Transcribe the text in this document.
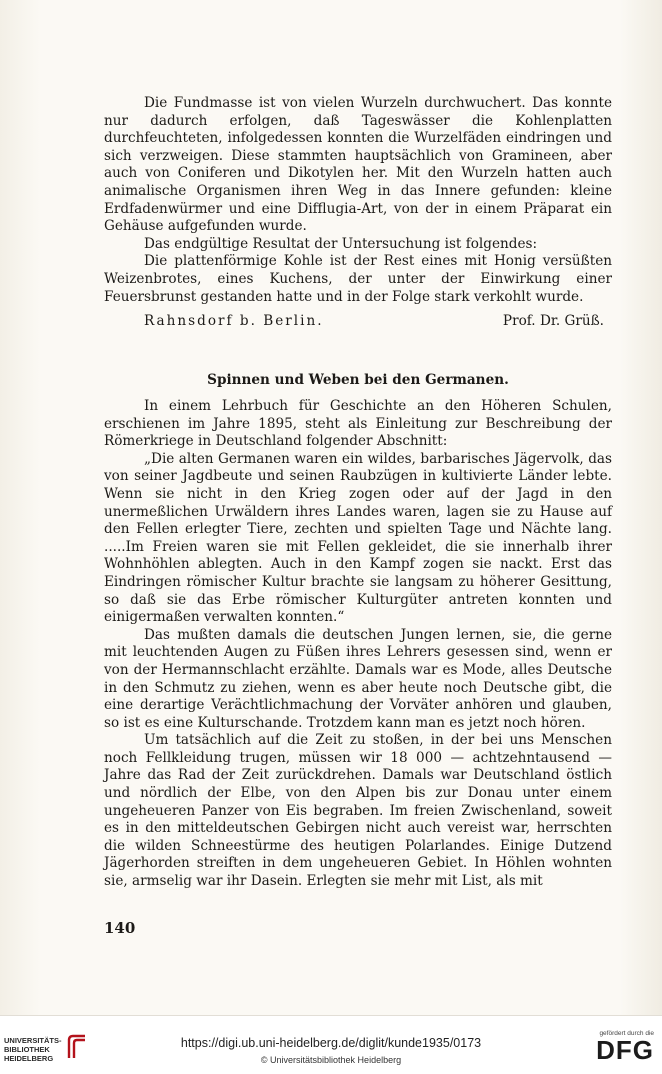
Die Fundmasse ist von vielen Wurzeln durchwuchert. Das konnte nur dadurch erfolgen, daß Tageswässer die Kohlenplatten durchfeuchteten, infolgedessen konnten die Wurzelfäden eindringen und sich verzweigen. Diese stammten hauptsächlich von Gramineen, aber auch von Coniferen und Dikotylen her. Mit den Wurzeln hatten auch animalische Organismen ihren Weg in das Innere gefunden: kleine Erdfadenwürmer und eine Difflugia-Art, von der in einem Präparat ein Gehäuse aufgefunden wurde.

Das endgültige Resultat der Untersuchung ist folgendes:

Die plattenförmige Kohle ist der Rest eines mit Honig versüßten Weizenbrotes, eines Kuchens, der unter der Einwirkung einer Feuersbrunst gestanden hatte und in der Folge stark verkohlt wurde.

Rahnsdorf b. Berlin.	Prof. Dr. Grüß.
Spinnen und Weben bei den Germanen.

In einem Lehrbuch für Geschichte an den Höheren Schulen, erschienen im Jahre 1895, steht als Einleitung zur Beschreibung der Römerkriege in Deutschland folgender Abschnitt:

„Die alten Germanen waren ein wildes, barbarisches Jägervolk, das von seiner Jagdbeute und seinen Raubzügen in kultivierte Länder lebte. Wenn sie nicht in den Krieg zogen oder auf der Jagd in den unermeßlichen Urwäldern ihres Landes waren, lagen sie zu Hause auf den Fellen erlegter Tiere, zechten und spielten Tage und Nächte lang. .....Im Freien waren sie mit Fellen gekleidet, die sie innerhalb ihrer Wohnhöhlen ablegten. Auch in den Kampf zogen sie nackt. Erst das Eindringen römischer Kultur brachte sie langsam zu höherer Gesittung, so daß sie das Erbe römischer Kulturgüter antreten konnten und einigermaßen verwalten konnten.“

Das mußten damals die deutschen Jungen lernen, sie, die gerne mit leuchtenden Augen zu Füßen ihres Lehrers gesessen sind, wenn er von der Hermannschlacht erzählte. Damals war es Mode, alles Deutsche in den Schmutz zu ziehen, wenn es aber heute noch Deutsche gibt, die eine derartige Verächtlichmachung der Vorväter anhören und glauben, so ist es eine Kulturschande. Trotzdem kann man es jetzt noch hören.

Um tatsächlich auf die Zeit zu stoßen, in der bei uns Menschen noch Fellkleidung trugen, müssen wir 18 000 — achtzehntausend — Jahre das Rad der Zeit zurückdrehen. Damals war Deutschland östlich und nördlich der Elbe, von den Alpen bis zur Donau unter einem ungeheueren Panzer von Eis begraben. Im freien Zwischenland, soweit es in den mitteldeutschen Gebirgen nicht auch vereist war, herrschten die wilden Schneestürme des heutigen Polarlandes. Einige Dutzend Jägerhorden streiften in dem ungeheueren Gebiet. In Höhlen wohnten sie, armselig war ihr Dasein. Erlegten sie mehr mit List, als mit

140
UNIVERSITÄTS-
BIBLIOTHEK
HEIDELBERG
https://digi.ub.uni-heidelberg.de/diglit/kunde1935/0173
© Universitätsbibliothek Heidelberg
gefördert durch die
DFG
